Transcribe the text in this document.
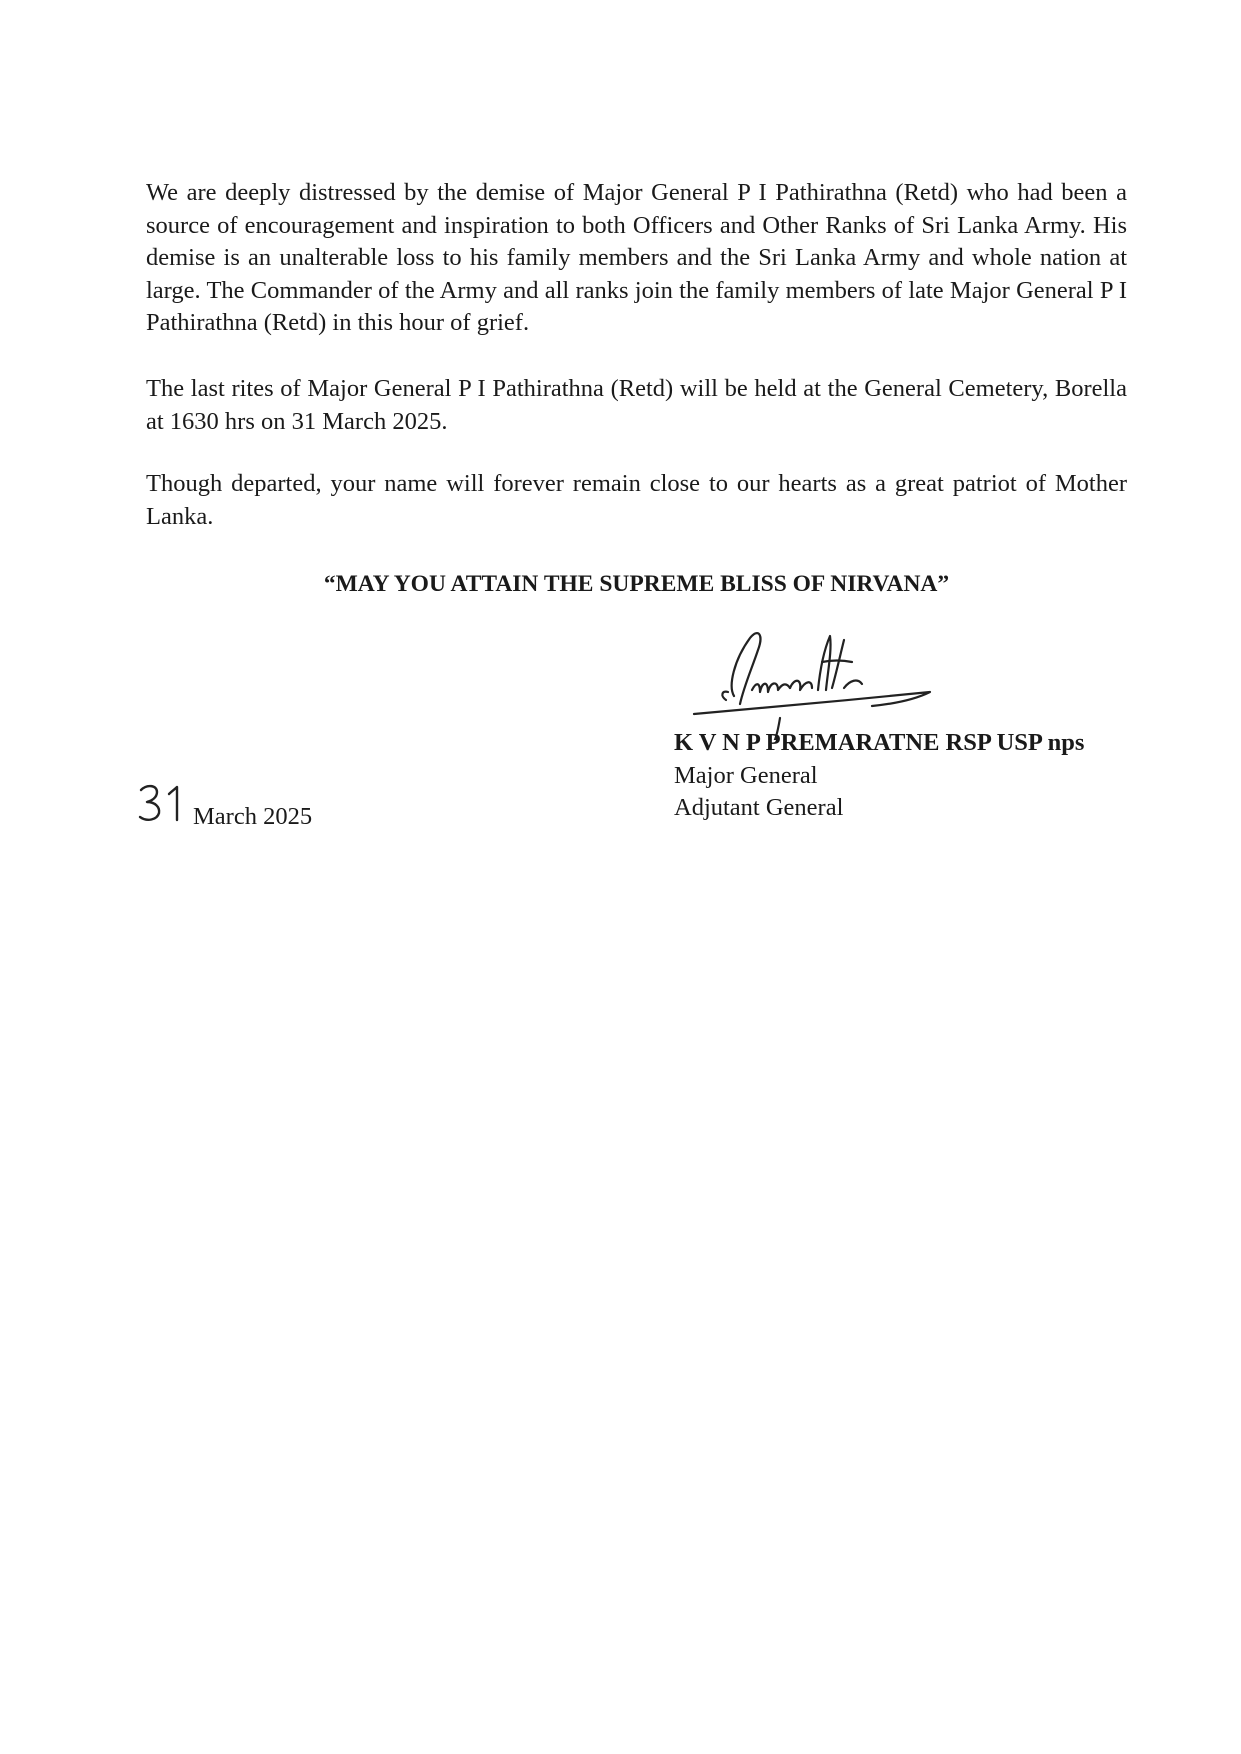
We are deeply distressed by the demise of Major General P I Pathirathna (Retd) who had been a source of encouragement and inspiration to both Officers and Other Ranks of Sri Lanka Army. His demise is an unalterable loss to his family members and the Sri Lanka Army and whole nation at large. The Commander of the Army and all ranks join the family members of late Major General P I Pathirathna (Retd) in this hour of grief.

The last rites of Major General P I Pathirathna (Retd) will be held at the General Cemetery, Borella at 1630 hrs on 31 March 2025.

Though departed, your name will forever remain close to our hearts as a great patriot of Mother Lanka.

“MAY YOU ATTAIN THE SUPREME BLISS OF NIRVANA”

K V N P PREMARATNE RSP USP nps
Major General
Adjutant General
March 2025
